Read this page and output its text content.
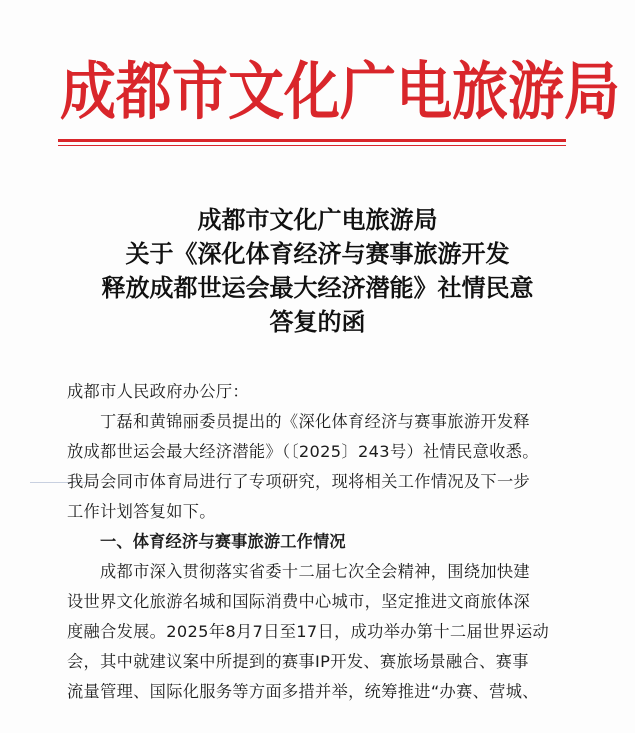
成 都 市 文 化 广 电 旅 游 局
成都市文化广电旅游局
关于《深化体育经济与赛事旅游开发
释放成都世运会最大经济潜能》社情民意
答复的函
成都市人民政府办公厅：
丁磊和黄锦丽委员提出的《深化体育经济与赛事旅游开发释
放成都世运会最大经济潜能》（〔2025〕243号）社情民意收悉。
我局会同市体育局进行了专项研究，现将相关工作情况及下一步
工作计划答复如下。
一、体育经济与赛事旅游工作情况
成都市深入贯彻落实省委十二届七次全会精神，围绕加快建
设世界文化旅游名城和国际消费中心城市，坚定推进文商旅体深
度融合发展。2025年8月7日至17日，成功举办第十二届世界运动
会，其中就建议案中所提到的赛事IP开发、赛旅场景融合、赛事
流量管理、国际化服务等方面多措并举，统筹推进“办赛、营城、
